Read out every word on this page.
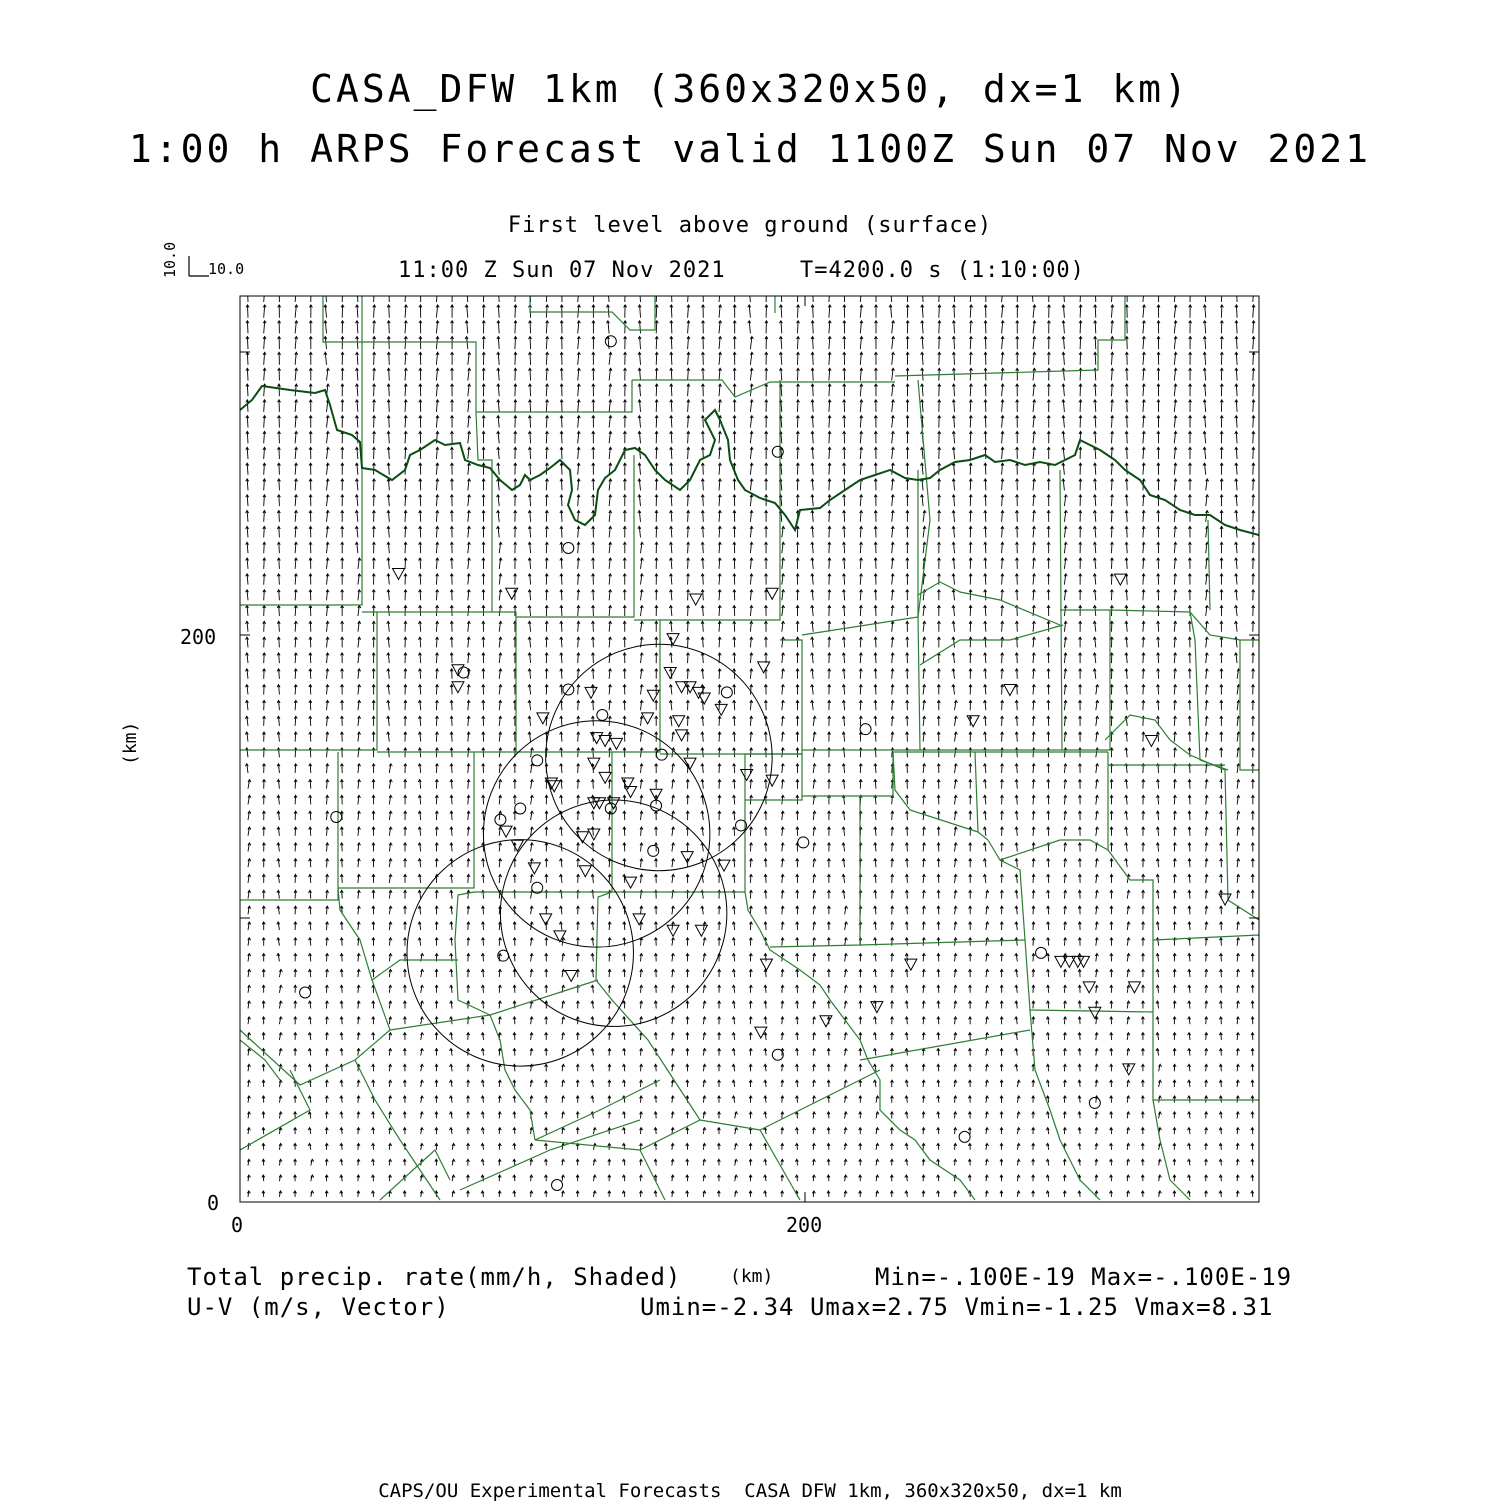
CASA_DFW 1km (360x320x50, dx=1 km)
1:00 h ARPS Forecast valid 1100Z Sun 07 Nov 2021
First level above ground (surface)
11:00 Z Sun 07 Nov 2021	T=4200.0 s (1:10:00)
10.0
10.0
(km)
200
0
0	200
(km)
Total precip. rate(mm/h, Shaded)
U-V (m/s, Vector)
Min=-.100E-19 Max=-.100E-19
Umin=-2.34 Umax=2.75 Vmin=-1.25 Vmax=8.31
CAPS/OU Experimental Forecasts  CASA DFW 1km, 360x320x50, dx=1 km
